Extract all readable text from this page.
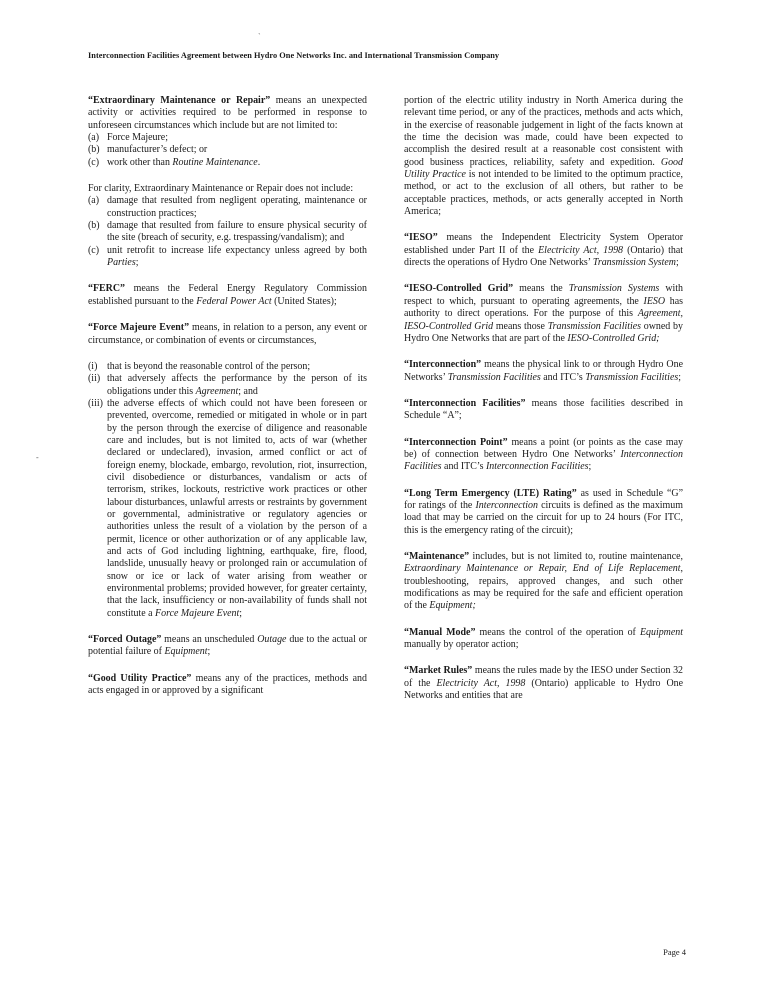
Interconnection Facilities Agreement between Hydro One Networks Inc. and International Transmission Company
`
-

“Extraordinary Maintenance or Repair” means an unexpected activity or activities required to be performed in response to unforeseen circumstances which include but are not limited to:

(a) Force Majeure;
(b) manufacturer’s defect; or
(c) work other than Routine Maintenance.

For clarity, Extraordinary Maintenance or Repair does not include:

(a) damage that resulted from negligent operating, maintenance or construction practices;
(b) damage that resulted from failure to ensure physical security of the site (breach of security, e.g. trespassing/vandalism); and
(c) unit retrofit to increase life expectancy unless agreed by both Parties;

“FERC” means the Federal Energy Regulatory Commission established pursuant to the Federal Power Act (United States);

“Force Majeure Event” means, in relation to a person, any event or circumstance, or combination of events or circumstances,

(i) that is beyond the reasonable control of the person;
(ii) that adversely affects the performance by the person of its obligations under this Agreement; and
(iii) the adverse effects of which could not have been foreseen or prevented, overcome, remedied or mitigated in whole or in part by the person through the exercise of diligence and reasonable care and includes, but is not limited to, acts of war (whether declared or undeclared), invasion, armed conflict or act of foreign enemy, blockade, embargo, revolution, riot, insurrection, civil disobedience or disturbances, vandalism or acts of terrorism, strikes, lockouts, restrictive work practices or other labour disturbances, unlawful arrests or restraints by government or governmental, administrative or regulatory agencies or authorities unless the result of a violation by the person of a permit, licence or other authorization or of any applicable law, and acts of God including lightning, earthquake, fire, flood, landslide, unusually heavy or prolonged rain or accumulation of snow or ice or lack of water arising from weather or environmental problems; provided however, for greater certainty, that the lack, insufficiency or non-availability of funds shall not constitute a Force Majeure Event;

“Forced Outage” means an unscheduled Outage due to the actual or potential failure of Equipment;

“Good Utility Practice” means any of the practices, methods and acts engaged in or approved by a significant

portion of the electric utility industry in North America during the relevant time period, or any of the practices, methods and acts which, in the exercise of reasonable judgement in light of the facts known at the time the decision was made, could have been expected to accomplish the desired result at a reasonable cost consistent with good business practices, reliability, safety and expedition. Good Utility Practice is not intended to be limited to the optimum practice, method, or act to the exclusion of all others, but rather to be acceptable practices, methods, or acts generally accepted in North America;

“IESO” means the Independent Electricity System Operator established under Part II of the Electricity Act, 1998 (Ontario) that directs the operations of Hydro One Networks’ Transmission System;

“IESO-Controlled Grid” means the Transmission Systems with respect to which, pursuant to operating agreements, the IESO has authority to direct operations. For the purpose of this Agreement, IESO-Controlled Grid means those Transmission Facilities owned by Hydro One Networks that are part of the IESO-Controlled Grid;

“Interconnection” means the physical link to or through Hydro One Networks’ Transmission Facilities and ITC’s Transmission Facilities;

“Interconnection Facilities” means those facilities described in Schedule “A”;

“Interconnection Point” means a point (or points as the case may be) of connection between Hydro One Networks’ Interconnection Facilities and ITC’s Interconnection Facilities;

“Long Term Emergency (LTE) Rating” as used in Schedule “G” for ratings of the Interconnection circuits is defined as the maximum load that may be carried on the circuit for up to 24 hours (For ITC, this is the emergency rating of the circuit);

“Maintenance” includes, but is not limited to, routine maintenance, Extraordinary Maintenance or Repair, End of Life Replacement, troubleshooting, repairs, approved changes, and such other modifications as may be required for the safe and efficient operation of the Equipment;

“Manual Mode” means the control of the operation of Equipment manually by operator action;

“Market Rules” means the rules made by the IESO under Section 32 of the Electricity Act, 1998 (Ontario) applicable to Hydro One Networks and entities that are

Page 4
